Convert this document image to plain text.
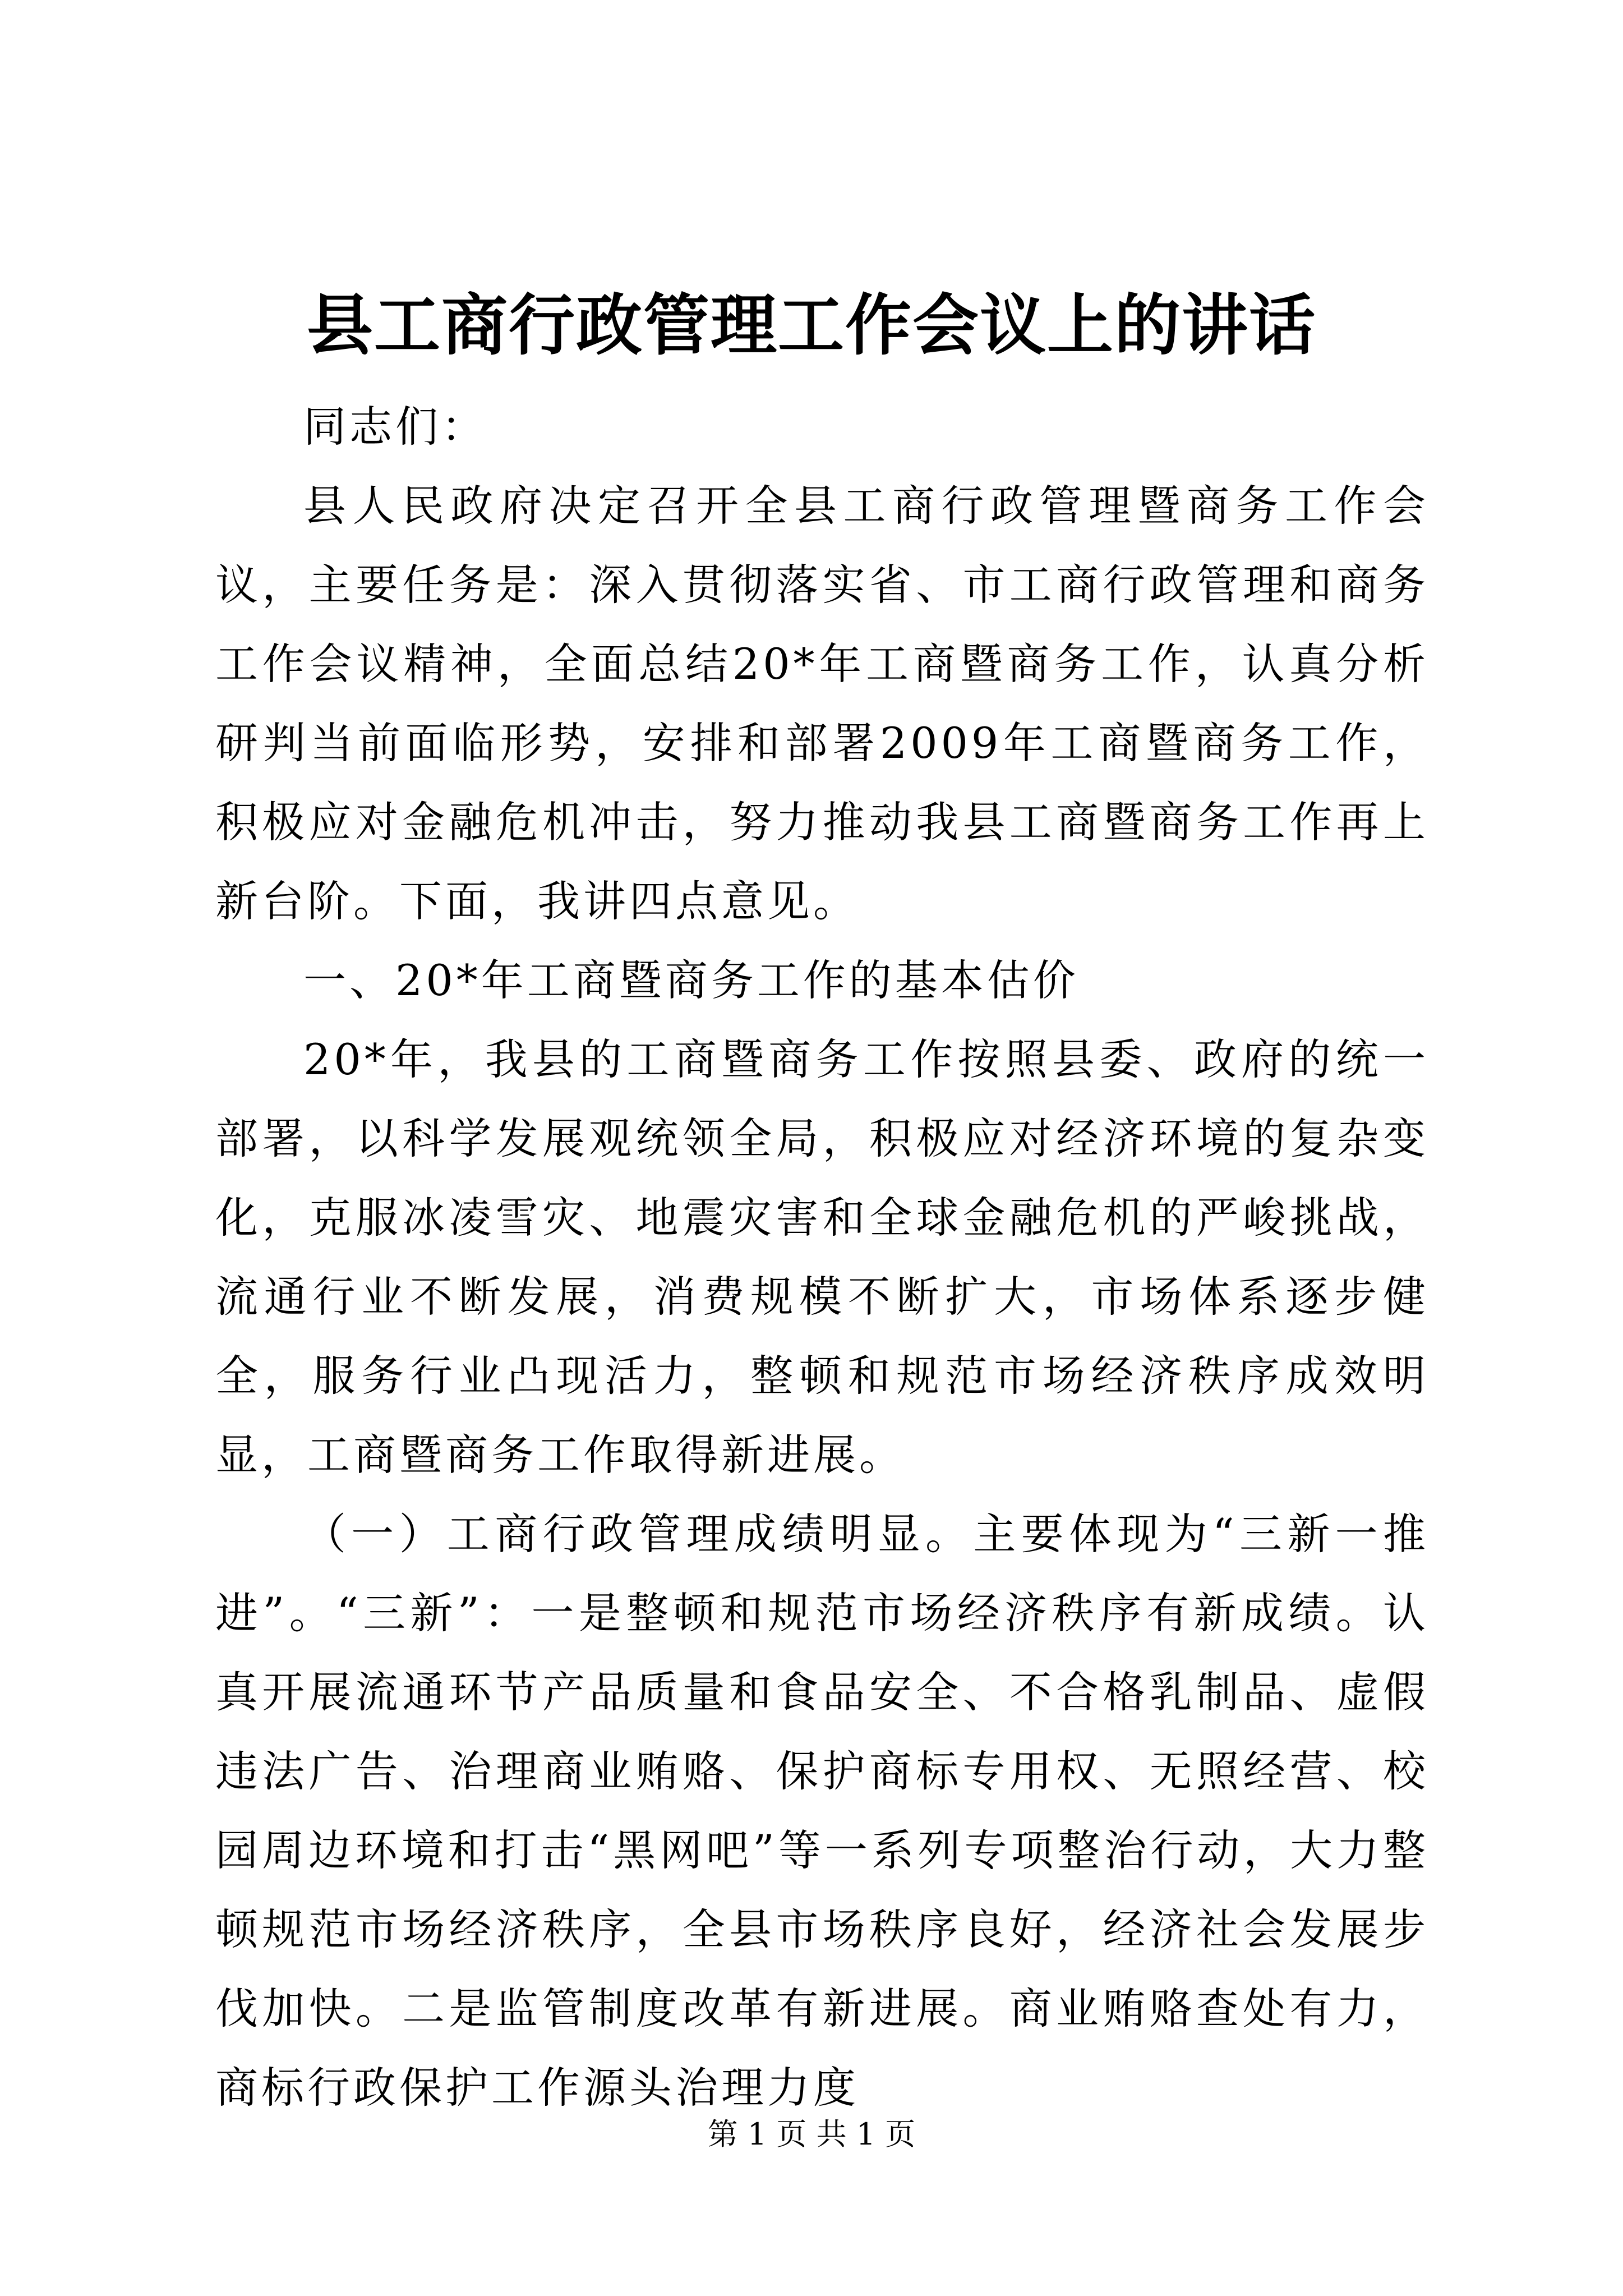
县工商行政管理工作会议上的讲话

同志们：

县人民政府决定召开全县工商行政管理暨商务工作会议，主要任务是：深入贯彻落实省、市工商行政管理和商务工作会议精神，全面总结20*年工商暨商务工作，认真分析研判当前面临形势，安排和部署2009年工商暨商务工作，积极应对金融危机冲击，努力推动我县工商暨商务工作再上新台阶。下面，我讲四点意见。

一、20*年工商暨商务工作的基本估价

20*年，我县的工商暨商务工作按照县委、政府的统一部署，以科学发展观统领全局，积极应对经济环境的复杂变化，克服冰凌雪灾、地震灾害和全球金融危机的严峻挑战，流通行业不断发展，消费规模不断扩大，市场体系逐步健全，服务行业凸现活力，整顿和规范市场经济秩序成效明显，工商暨商务工作取得新进展。

（一）工商行政管理成绩明显。主要体现为“三新一推进”。“三新”：一是整顿和规范市场经济秩序有新成绩。认真开展流通环节产品质量和食品安全、不合格乳制品、虚假违法广告、治理商业贿赂、保护商标专用权、无照经营、校园周边环境和打击“黑网吧”等一系列专项整治行动，大力整顿规范市场经济秩序，全县市场秩序良好，经济社会发展步伐加快。二是监管制度改革有新进展。商业贿赂查处有力，商标行政保护工作源头治理力度

第 1 页 共 1 页
